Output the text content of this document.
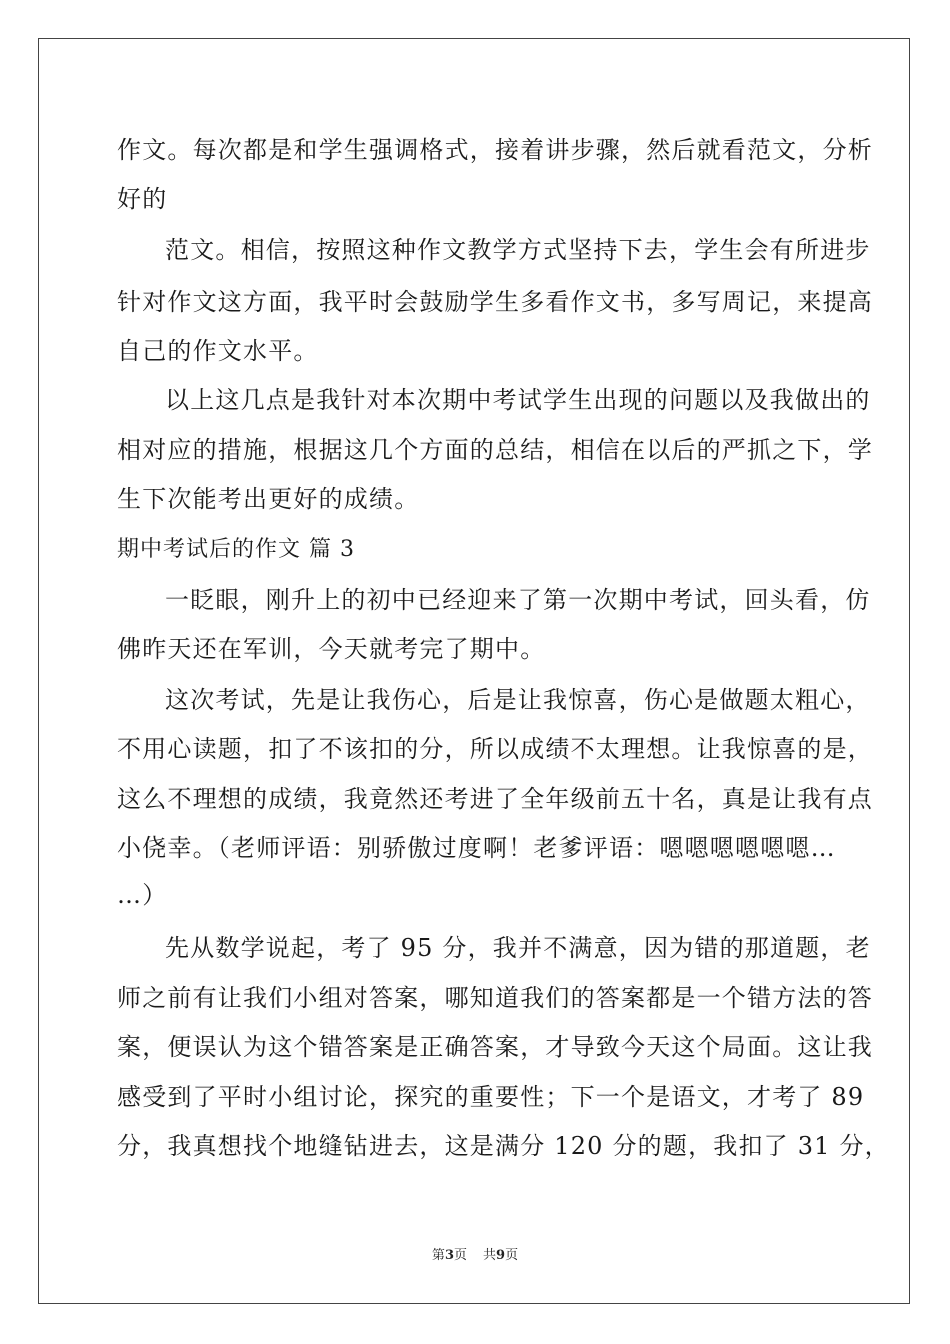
作文。每次都是和学生强调格式，接着讲步骤，然后就看范文，分析
好的
范文。相信，按照这种作文教学方式坚持下去，学生会有所进步
针对作文这方面，我平时会鼓励学生多看作文书，多写周记，来提高
自己的作文水平。
以上这几点是我针对本次期中考试学生出现的问题以及我做出的
相对应的措施，根据这几个方面的总结，相信在以后的严抓之下，学
生下次能考出更好的成绩。
期中考试后的作文 篇 3
一眨眼，刚升上的初中已经迎来了第一次期中考试，回头看，仿
佛昨天还在军训，今天就考完了期中。
这次考试，先是让我伤心，后是让我惊喜，伤心是做题太粗心，
不用心读题，扣了不该扣的分，所以成绩不太理想。让我惊喜的是，
这么不理想的成绩，我竟然还考进了全年级前五十名，真是让我有点
小侥幸。（老师评语：别骄傲过度啊！老爹评语：嗯嗯嗯嗯嗯嗯…
…）
先从数学说起，考了 95 分，我并不满意，因为错的那道题，老
师之前有让我们小组对答案，哪知道我们的答案都是一个错方法的答
案，便误认为这个错答案是正确答案，才导致今天这个局面。这让我
感受到了平时小组讨论，探究的重要性；下一个是语文，才考了 89
分，我真想找个地缝钻进去，这是满分 120 分的题，我扣了 31 分，
第3页 共9页
